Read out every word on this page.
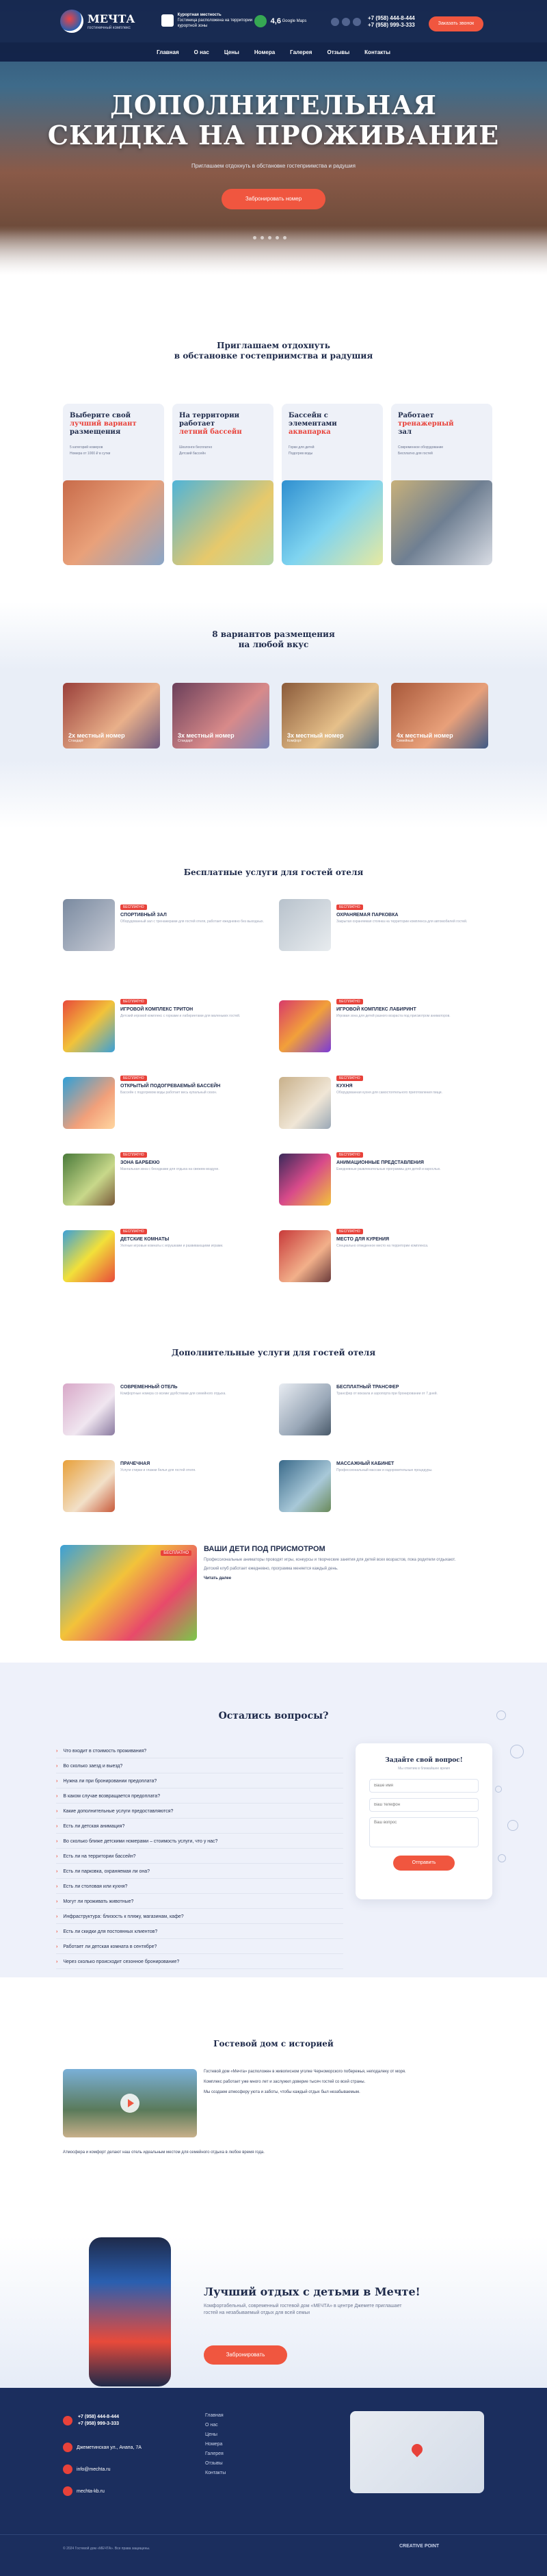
МЕЧТА
гостиничный комплекс
Курортная местность
Гостиница расположена на территории курортной зоны
4,6 Google Maps	+7 (958) 444-8-444
+7 (958) 999-3-333	Заказать звонок
Главная	О нас	Цены	Номера	Галерея	Отзывы	Контакты
ДОПОЛНИТЕЛЬНАЯ
СКИДКА НА ПРОЖИВАНИЕ
Приглашаем отдохнуть в обстановке гостеприимства и радушия
Забронировать номер
Приглашаем отдохнуть
в обстановке гостеприимства и радушия
Выберите свой
лучший вариант
размещения
5 категорий номеров
Номера от 1000 ₽ в сутки
На территории
работает
летний бассейн
Шезлонги бесплатно
Детский бассейн
Бассейн с элементами
аквапарка
Горки для детей
Подогрев воды
Работает
тренажерный
зал
Современное оборудование
Бесплатно для гостей
8 вариантов размещения
на любой вкус
2х местный номер
Стандарт
3х местный номер
Стандарт
3х местный номер
Комфорт
4х местный номер
Семейный
Бесплатные услуги для гостей отеля
БЕСПЛАТНО
СПОРТИВНЫЙ ЗАЛ
Оборудованный зал с тренажерами для гостей отеля, работает ежедневно без выходных.
БЕСПЛАТНО
ОХРАНЯЕМАЯ ПАРКОВКА
Закрытая охраняемая стоянка на территории комплекса для автомобилей гостей.
БЕСПЛАТНО
ИГРОВОЙ КОМПЛЕКС ТРИТОН
Детский игровой комплекс с горками и лабиринтами для маленьких гостей.
БЕСПЛАТНО
ИГРОВОЙ КОМПЛЕКС ЛАБИРИНТ
Игровая зона для детей разного возраста под присмотром аниматоров.
БЕСПЛАТНО
ОТКРЫТЫЙ ПОДОГРЕВАЕМЫЙ БАССЕЙН
Бассейн с подогревом воды работает весь купальный сезон.
БЕСПЛАТНО
КУХНЯ
Оборудованная кухня для самостоятельного приготовления пищи.
БЕСПЛАТНО
ЗОНА БАРБЕКЮ
Мангальная зона с беседками для отдыха на свежем воздухе.
БЕСПЛАТНО
АНИМАЦИОННЫЕ ПРЕДСТАВЛЕНИЯ
Ежедневные развлекательные программы для детей и взрослых.
БЕСПЛАТНО
ДЕТСКИЕ КОМНАТЫ
Уютные игровые комнаты с игрушками и развивающими играми.
БЕСПЛАТНО
МЕСТО ДЛЯ КУРЕНИЯ
Специально отведенное место на территории комплекса.
Дополнительные услуги для гостей отеля
СОВРЕМЕННЫЙ ОТЕЛЬ
Комфортные номера со всеми удобствами для семейного отдыха.
БЕСПЛАТНЫЙ ТРАНСФЕР
Трансфер от вокзала и аэропорта при бронировании от 7 дней.
ПРАЧЕЧНАЯ
Услуги стирки и глажки белья для гостей отеля.
МАССАЖНЫЙ КАБИНЕТ
Профессиональный массаж и оздоровительные процедуры.
БЕСПЛАТНО	ВАШИ ДЕТИ ПОД ПРИСМОТРОМ
Профессиональные аниматоры проводят игры, конкурсы и творческие занятия для детей всех возрастов, пока родители отдыхают.
Детский клуб работает ежедневно, программа меняется каждый день.
Читать далее
Остались вопросы?
› Что входит в стоимость проживания?
› Во сколько заезд и выезд?
› Нужна ли при бронировании предоплата?
› В каком случае возвращается предоплата?
› Какие дополнительные услуги предоставляются?
› Есть ли детская анимация?
› Во сколько ближе детскими номерами – стоимость услуги, что у нас?
› Есть ли на территории бассейн?
› Есть ли парковка, охраняемая ли она?
› Есть ли столовая или кухня?
› Могут ли проживать животные?
› Инфраструктура: близость к пляжу, магазинам, кафе?
› Есть ли скидки для постоянных клиентов?
› Работает ли детская комната в сентябре?
› Через сколько происходит сезонное бронирование?
Задайте свой вопрос!
Мы ответим в ближайшее время
Ваше имя
Ваш телефон
Ваш вопрос
Отправить
Гостевой дом с историей

Гостевой дом «Мечта» расположен в живописном уголке Черноморского побережья, неподалеку от моря.

Комплекс работает уже много лет и заслужил доверие тысяч гостей со всей страны.

Мы создаем атмосферу уюта и заботы, чтобы каждый отдых был незабываемым.

Атмосфера и комфорт делают наш отель идеальным местом для семейного отдыха в любое время года.

Лучший отдых с детьми в Мечте!
Комфортабельный, современный гостевой дом «МЕЧТА» в центре Джемете приглашает гостей на незабываемый отдых для всей семьи
Забронировать
+7 (958) 444-8-444
+7 (958) 999-3-333
Джеметинская ул., Анапа, 7А
info@mechta.ru
mechta-kb.ru
Главная
О нас
Цены
Номера
Галерея
Отзывы
Контакты
© 2024 Гостевой дом «МЕЧТА». Все права защищены.	CREATIVE POINT
